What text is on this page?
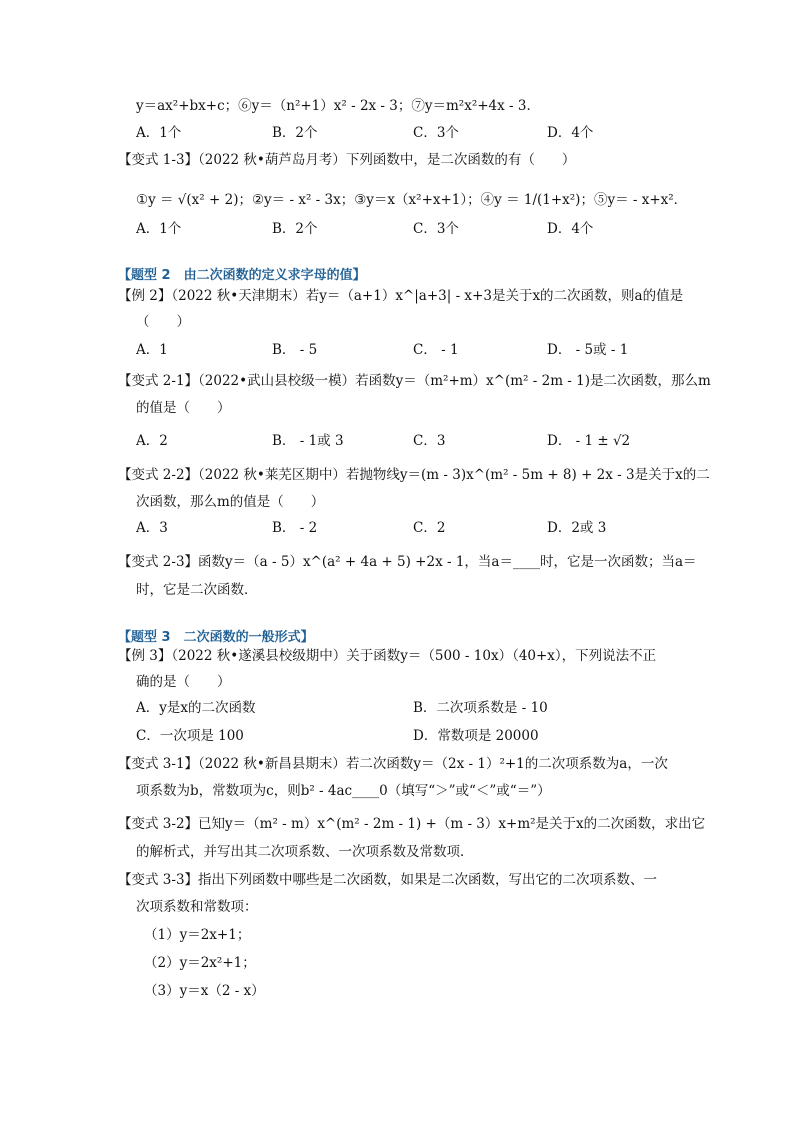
y＝ax²+bx+c；⑥y＝（n²+1）x² - 2x - 3；⑦y＝m²x²+4x - 3．
A．1个	B．2个	C．3个	D．4个
【变式 1-3】（2022 秋•葫芦岛月考）下列函数中，是二次函数的有（　　）
①y ＝ √(x² + 2)；②y＝ - x² - 3x；③y＝x（x²+x+1）；④y ＝ 1/(1+x²)；⑤y＝ - x+x²．
A．1个	B．2个	C．3个	D．4个
【题型 2　由二次函数的定义求字母的值】
【例 2】（2022 秋•天津期末）若y＝（a+1）x^|a+3| - x+3是关于x的二次函数，则a的值是
（　　）
A．1	B． - 5	C． - 1	D． - 5或 - 1
【变式 2-1】（2022•武山县校级一模）若函数y＝（m²+m）x^(m² - 2m - 1)是二次函数，那么m
的值是（　　）
A．2	B． - 1或 3	C．3	D． - 1 ± √2
【变式 2-2】（2022 秋•莱芜区期中）若抛物线y＝(m - 3)x^(m² - 5m + 8) + 2x - 3是关于x的二
次函数，那么m的值是（　　）
A．3	B． - 2	C．2	D．2或 3
【变式 2-3】函数y＝（a - 5）x^(a² + 4a + 5) +2x - 1，当a＝____时，它是一次函数；当a＝
时，它是二次函数．
【题型 3　二次函数的一般形式】
【例 3】（2022 秋•遂溪县校级期中）关于函数y＝（500 - 10x）（40+x），下列说法不正
确的是（　　）
A．y是x的二次函数	B．二次项系数是 - 10
C．一次项是 100	D．常数项是 20000
【变式 3-1】（2022 秋•新昌县期末）若二次函数y＝（2x - 1）²+1的二次项系数为a，一次
项系数为b，常数项为c，则b² - 4ac____0（填写“＞”或“＜”或“＝”）
【变式 3-2】已知y＝（m² - m）x^(m² - 2m - 1) +（m - 3）x+m²是关于x的二次函数，求出它
的解析式，并写出其二次项系数、一次项系数及常数项．
【变式 3-3】指出下列函数中哪些是二次函数，如果是二次函数，写出它的二次项系数、一
次项系数和常数项：
（1）y＝2x+1；
（2）y＝2x²+1；
（3）y＝x（2 - x）
